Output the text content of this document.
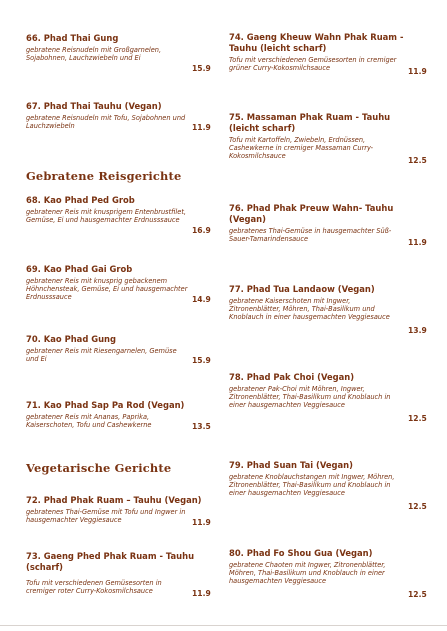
66. Phad Thai Gung
gebratene Reisnudeln mit Großgarnelen, Sojabohnen, Lauchzwiebeln und Ei
15.9
67. Phad Thai Tauhu (Vegan)
gebratene Reisnudeln mit Tofu, Sojabohnen und Lauchzwiebeln	11.9
Gebratene Reisgerichte
68. Kao Phad Ped Grob
gebratener Reis mit knusprigem Entenbrustfilet, Gemüse, Ei und hausgemachter Erdnusssauce
16.9
69. Kao Phad Gai Grob
gebratener Reis mit knusprig gebackenem Höhnchensteak, Gemüse, Ei und hausgemachter Erdnusssauce	14.9
70. Kao Phad Gung
gebratener Reis mit Riesengarnelen, Gemüse und Ei	15.9
71. Kao Phad Sap Pa Rod (Vegan)
gebratener Reis mit Ananas, Paprika, Kaiserschoten, Tofu und Cashewkerne	13.5
Vegetarische Gerichte
72. Phad Phak Ruam – Tauhu (Vegan)
gebratenes Thai-Gemüse mit Tofu und Ingwer in hausgemachter Veggiesauce	11.9
73. Gaeng Phed Phak Ruam - Tauhu (scharf)
Tofu mit verschiedenen Gemüsesorten in cremiger roter Curry-Kokosmilchsauce	11.9
74. Gaeng Kheuw Wahn Phak Ruam - Tauhu (leicht scharf)
Tofu mit verschiedenen Gemüsesorten in cremiger grüner Curry-Kokosmilchsauce	11.9
75. Massaman Phak Ruam - Tauhu (leicht scharf)
Tofu mit Kartoffeln, Zwiebeln, Erdnüssen, Cashewkerne in cremiger Massaman Curry-Kokosmilchsauce	12.5
76. Phad Phak Preuw Wahn- Tauhu (Vegan)
gebratenes Thai-Gemüse in hausgemachter Süß-Sauer-Tamarindensauce	11.9
77. Phad Tua Landaow (Vegan)
gebratene Kaiserschoten mit Ingwer, Zitronenblätter, Möhren, Thai-Basilikum und Knoblauch in einer hausgemachten Veggiesauce
13.9
78. Phad Pak Choi (Vegan)
gebratener Pak-Choi mit Möhren, Ingwer, Zitronenblätter, Thai-Basilikum und Knoblauch in einer hausgemachten Veggiesauce
12.5
79. Phad Suan Tai (Vegan)
gebratene Knoblauchstangen mit Ingwer, Möhren, Zitronenblätter, Thai-Basilikum und Knoblauch in einer hausgemachten Veggiesauce
12.5
80. Phad Fo Shou Gua (Vegan)
gebratene Chaoten mit Ingwer, Zitronenblätter, Möhren, Thai-Basilikum und Knoblauch in einer hausgemachten Veggiesauce
12.5
